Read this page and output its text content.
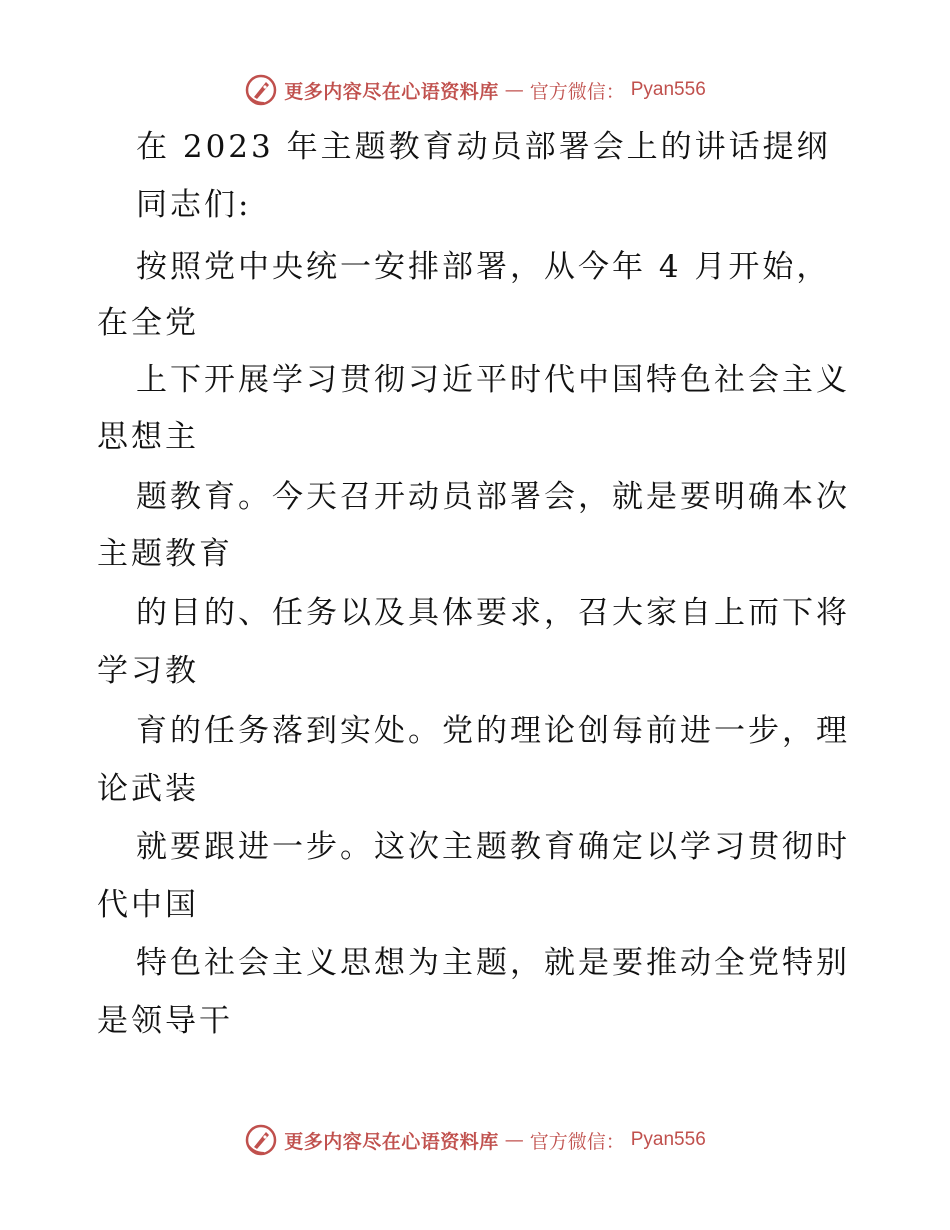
更多内容尽在心语资料库 — 官方微信： Pyan556
在 2023 年主题教育动员部署会上的讲话提纲
同志们:
按照党中央统一安排部署，从今年 4 月开始，
在全党
上下开展学习贯彻习近平时代中国特色社会主义
思想主
题教育。今天召开动员部署会，就是要明确本次
主题教育
的目的、任务以及具体要求，召大家自上而下将
学习教
育的任务落到实处。党的理论创每前进一步，理
论武装
就要跟进一步。这次主题教育确定以学习贯彻时
代中国
特色社会主义思想为主题，就是要推动全党特别
是领导干
更多内容尽在心语资料库 — 官方微信： Pyan556
